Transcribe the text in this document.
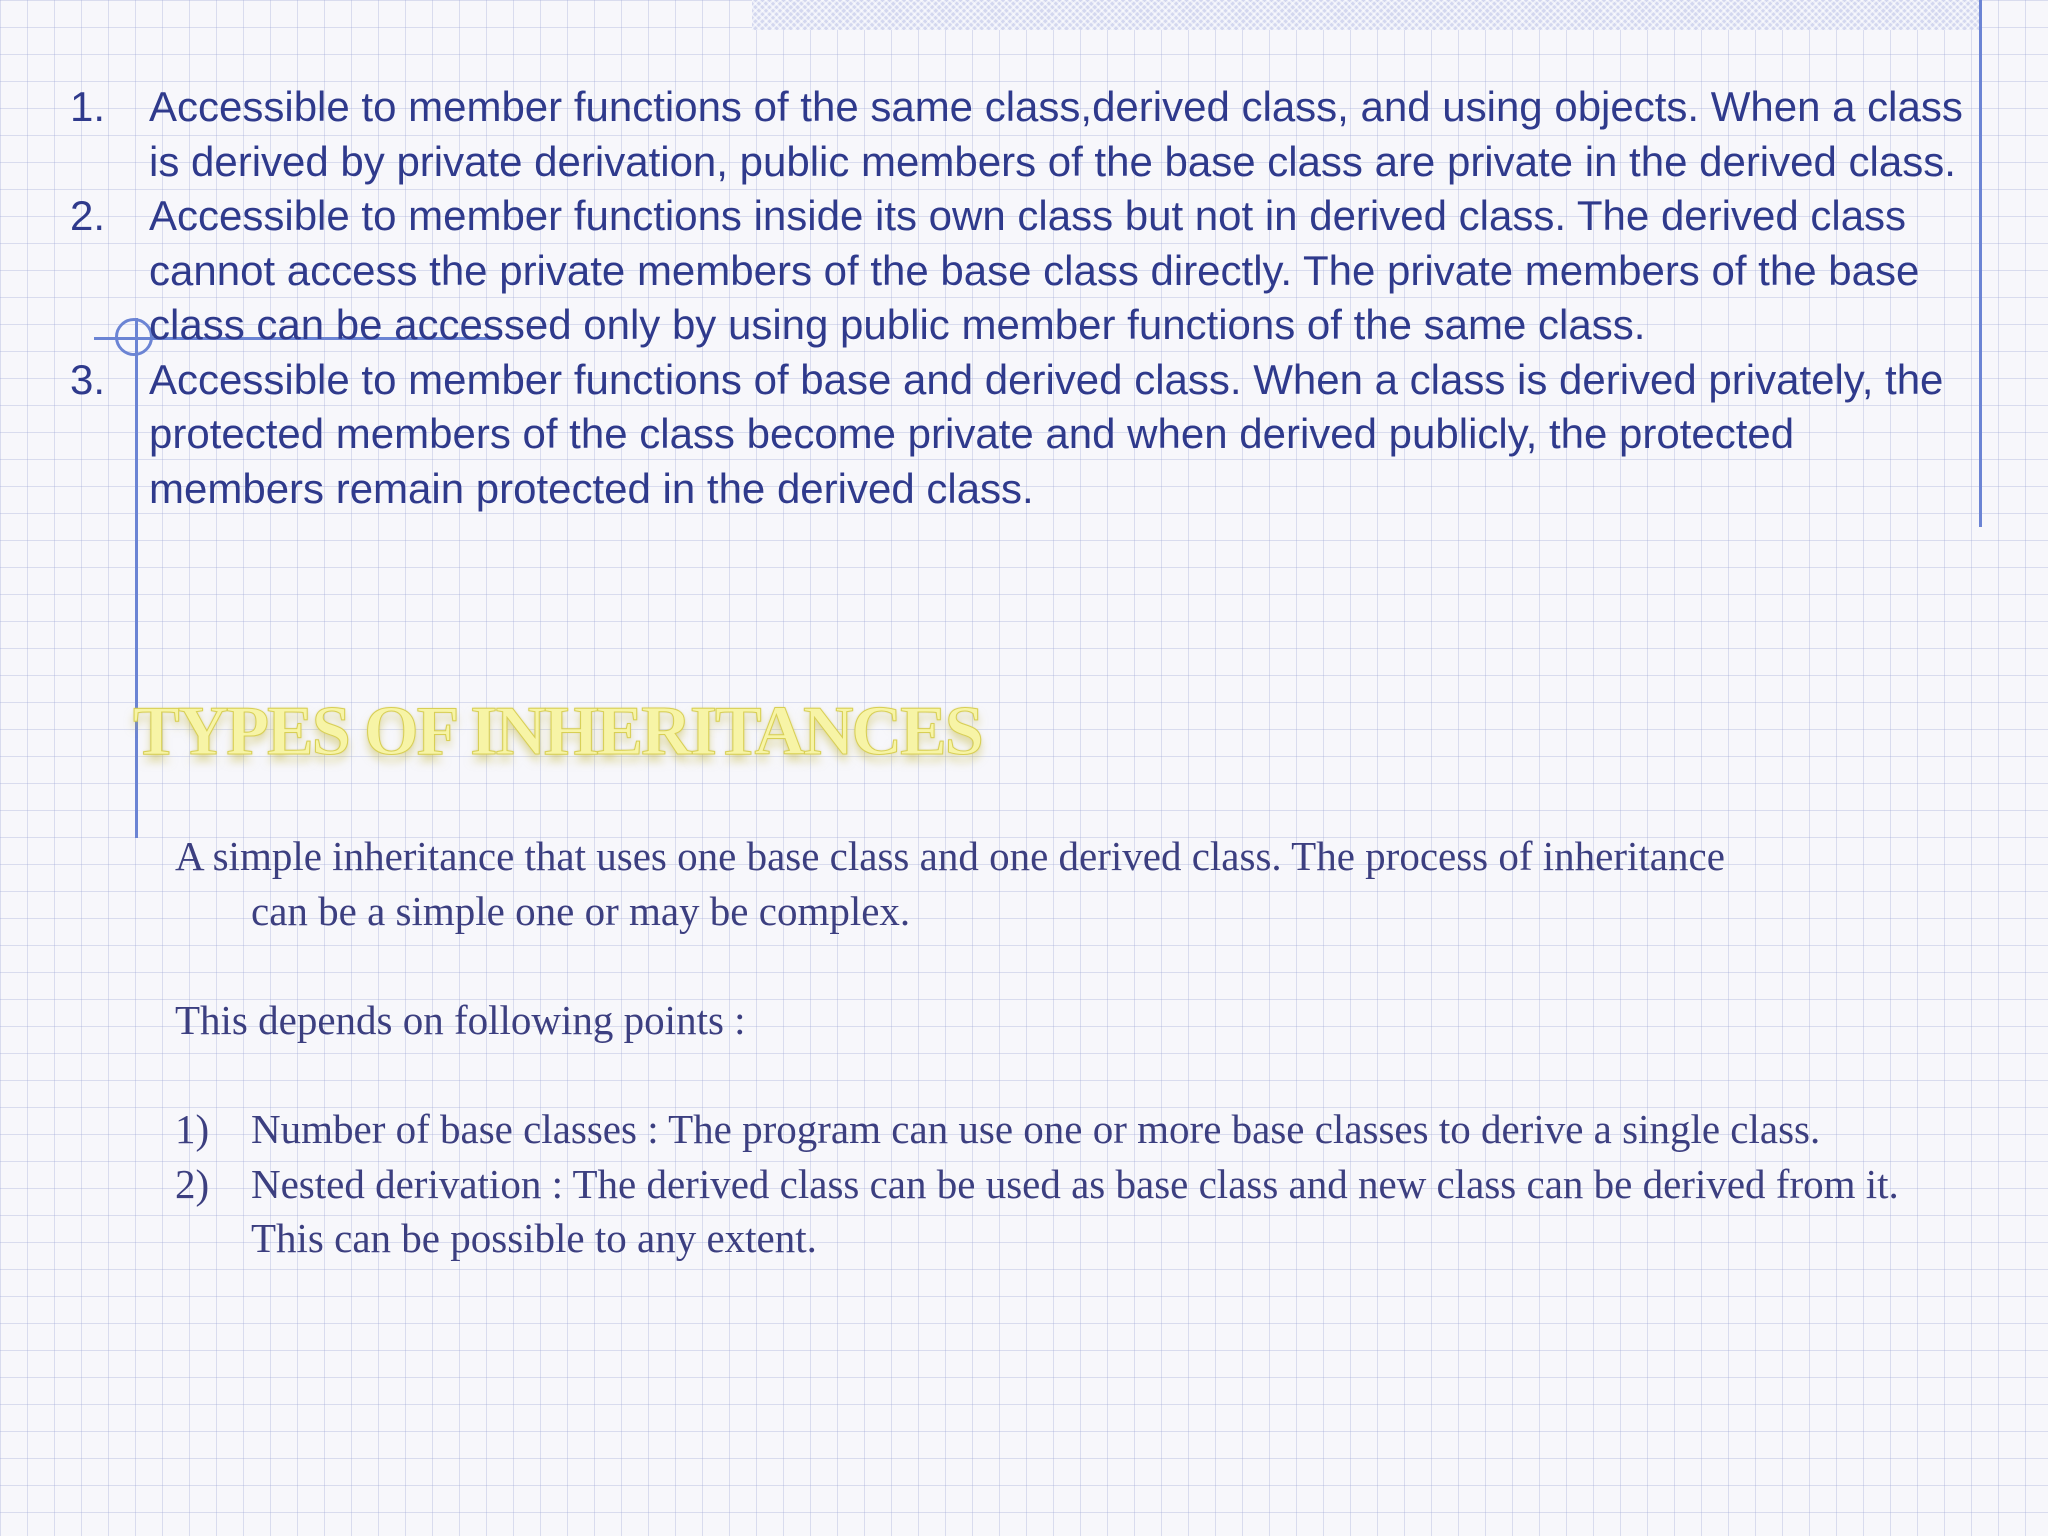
1. Accessible to member functions of the same class,derived class, and using objects. When a class is derived by private derivation, public members of the base class are private in the derived class.
2. Accessible to member functions inside its own class but not in derived class. The derived class cannot access the private members of the base class directly. The private members of the base class can be accessed only by using public member functions of the same class.
3. Accessible to member functions of base and derived class. When a class is derived privately, the protected members of the class become private and when derived publicly, the protected members remain protected in the derived class.
TYPES OF INHERITANCES
A simple inheritance that uses one base class and one derived class. The process of inheritance
can be a simple one or may be complex.
This depends on following points :
1) Number of base classes : The program can use one or more base classes to derive a single class.
2) Nested derivation : The derived class can be used as base class and new class can be derived from it. This can be possible to any extent.
